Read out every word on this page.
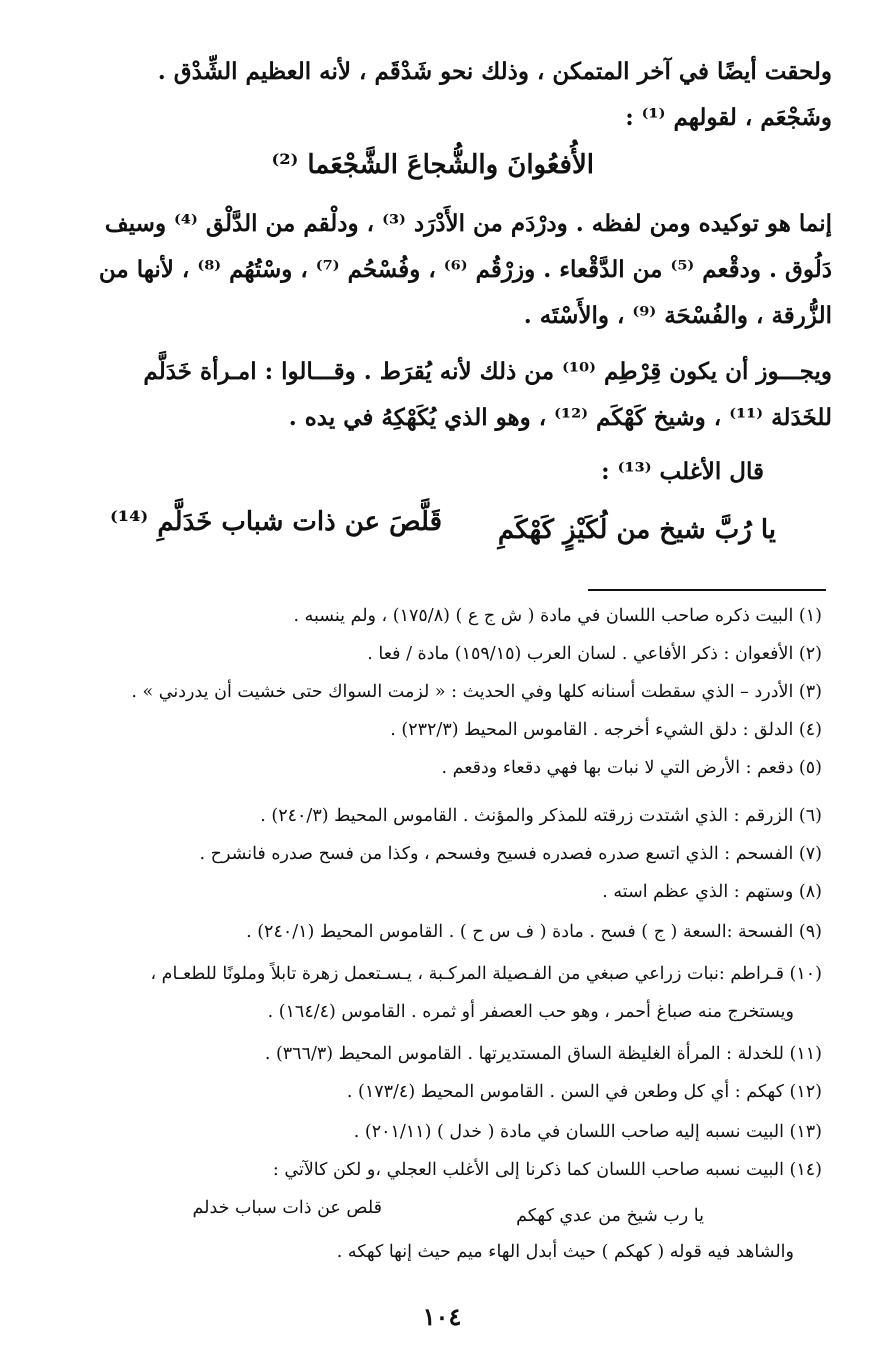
ولحقت أيضًا في آخر المتمكن ، وذلك نحو شَدْقَم ، لأنه العظيم الشِّدْق .
وشَجْعَم ، لقولهم ⁽¹⁾ :
الأُفعُوانَ والشُّجاعَ الشَّجْعَما ⁽²⁾
إنما هو توكيده ومن لفظه . ودرْدَم من الأَدْرَد ⁽³⁾ ، ودلْقم من الدَّلْق ⁽⁴⁾ وسيف
دَلُوق . ودقْعم ⁽⁵⁾ من الدَّقْعاء . وزرْقُم ⁽⁶⁾ ، وفُسْحُم ⁽⁷⁾ ، وسْتُهُم ⁽⁸⁾ ، لأنها من
الزُّرقة ، والفُسْحَة ⁽⁹⁾ ، والأَسْتَه .
ويجـــوز أن يكون قِرْطِم ⁽¹⁰⁾ من ذلك لأنه يُقرَط . وقـــالوا : امـرأة خَدَلَّم
للخَدَلة ⁽¹¹⁾ ، وشيخ كَهْكَم ⁽¹²⁾ ، وهو الذي يُكَهْكِهُ في يده .
قال الأغلب ⁽¹³⁾ :
يا رُبَّ شيخ من لُكَيْزٍ كَهْكَمِ
قَلَّصَ عن ذات شباب خَدَلَّمِ ⁽¹⁴⁾
(١) البيت ذكره صاحب اللسان في مادة ( ش ج ع ) (١٧٥/٨) ، ولم ينسبه .
(٢) الأفعوان : ذكر الأفاعي . لسان العرب (١٥٩/١٥) مادة / فعا .
(٣) الأدرد – الذي سقطت أسنانه كلها وفي الحديث : « لزمت السواك حتى خشيت أن يدردني » .
(٤) الدلق : دلق الشيء أخرجه . القاموس المحيط (٢٣٢/٣) .
(٥) دقعم : الأرض التي لا نبات بها فهي دقعاء ودقعم .
(٦) الزرقم : الذي اشتدت زرقته للمذكر والمؤنث . القاموس المحيط (٢٤٠/٣) .
(٧) الفسحم : الذي اتسع صدره فصدره فسيح وفسحم ، وكذا من فسح صدره فانشرح .
(٨) وستهم : الذي عظم استه .
(٩) الفسحة :السعة ( ج ) فسح . مادة ( ف س ح ) . القاموس المحيط (٢٤٠/١) .
(١٠) قـراطم :نبات زراعي صبغي من الفـصيلة المركـبة ، يـسـتعمل زهرة تابلاً وملونًا للطعـام ،
ويستخرج منه صباغ أحمر ، وهو حب العصفر أو ثمره . القاموس (١٦٤/٤) .
(١١) للخدلة : المرأة الغليظة الساق المستديرتها . القاموس المحيط (٣٦٦/٣) .
(١٢) كهكم : أي كل وطعن في السن . القاموس المحيط (١٧٣/٤) .
(١٣) البيت نسبه إليه صاحب اللسان في مادة ( خدل ) (٢٠١/١١) .
(١٤) البيت نسبه صاحب اللسان كما ذكرنا إلى الأغلب العجلي ،و لكن كالآتي :
يا رب شيخ من عدي كهكم
قلص عن ذات سباب خدلم
والشاهد فيه قوله ( كهكم ) حيث أبدل الهاء ميم حيث إنها كهكه .
١٠٤
